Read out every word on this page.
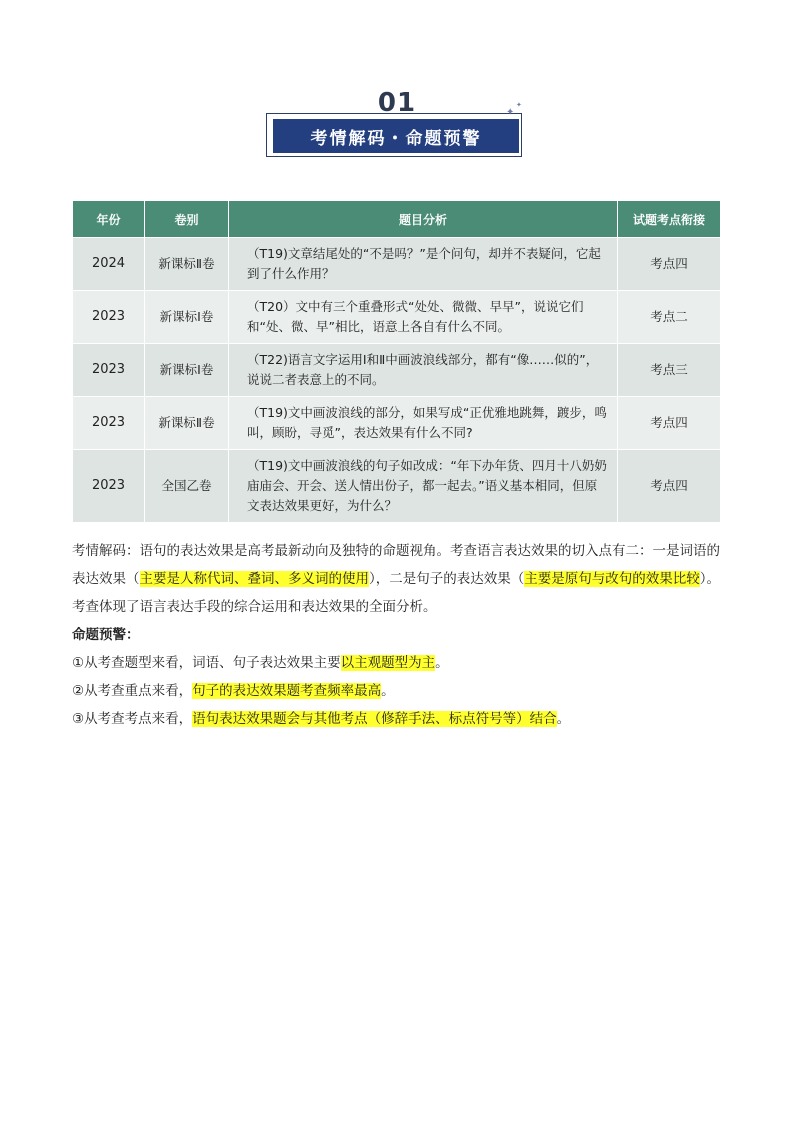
01
考情解码・命题预警
✦
✦
年份	卷别	题目分析	试题考点衔接
2024	新课标Ⅱ卷	（T19)文章结尾处的“不是吗？”是个问句，却并不表疑问，它起到了什么作用？	考点四
2023	新课标Ⅰ卷	（T20）文中有三个重叠形式“处处、微微、早早”，说说它们和“处、微、早”相比，语意上各自有什么不同。	考点二
2023	新课标Ⅰ卷	（T22)语言文字运用Ⅰ和Ⅱ中画波浪线部分，都有“像……似的”，说说二者表意上的不同。	考点三
2023	新课标Ⅱ卷	（T19)文中画波浪线的部分，如果写成“正优雅地跳舞，踱步，鸣叫，顾盼，寻觅”，表达效果有什么不同?	考点四
2023	全国乙卷	（T19)文中画波浪线的句子如改成：“年下办年货、四月十八奶奶庙庙会、开会、送人情出份子，都一起去。”语义基本相同，但原文表达效果更好，为什么？	考点四

考情解码：语句的表达效果是高考最新动向及独特的命题视角。考查语言表达效果的切入点有二：一是词语的表达效果（主要是人称代词、叠词、多义词的使用），二是句子的表达效果（主要是原句与改句的效果比较）。考查体现了语言表达手段的综合运用和表达效果的全面分析。

命题预警：

①从考查题型来看，词语、句子表达效果主要以主观题型为主。

②从考查重点来看，句子的表达效果题考查频率最高。

③从考查考点来看，语句表达效果题会与其他考点（修辞手法、标点符号等）结合。
